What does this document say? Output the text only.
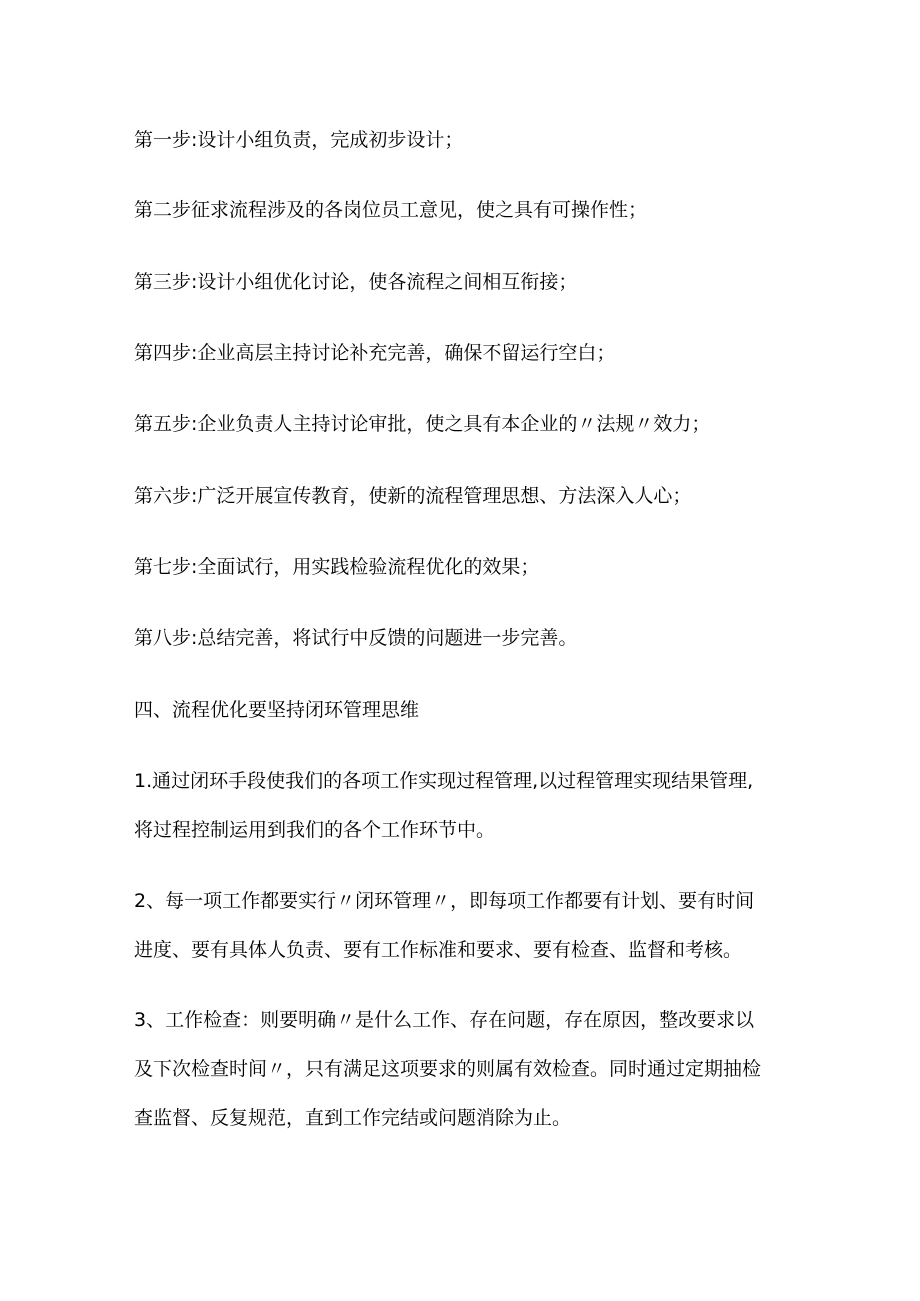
第一步:设计小组负责，完成初步设计；
第二步征求流程涉及的各岗位员工意见，使之具有可操作性；
第三步:设计小组优化讨论，使各流程之间相互衔接；
第四步:企业高层主持讨论补充完善，确保不留运行空白；
第五步:企业负责人主持讨论审批，使之具有本企业的〃法规〃效力；
第六步:广泛开展宣传教育，使新的流程管理思想、方法深入人心；
第七步:全面试行，用实践检验流程优化的效果；
第八步:总结完善，将试行中反馈的问题进一步完善。
四、流程优化要坚持闭环管理思维
1.通过闭环手段使我们的各项工作实现过程管理,以过程管理实现结果管理,
将过程控制运用到我们的各个工作环节中。
2、每一项工作都要实行〃闭环管理〃，即每项工作都要有计划、要有时间
进度、要有具体人负责、要有工作标准和要求、要有检查、监督和考核。
3、工作检查：则要明确〃是什么工作、存在问题，存在原因，整改要求以
及下次检查时间〃，只有满足这项要求的则属有效检查。同时通过定期抽检
查监督、反复规范，直到工作完结或问题消除为止。
